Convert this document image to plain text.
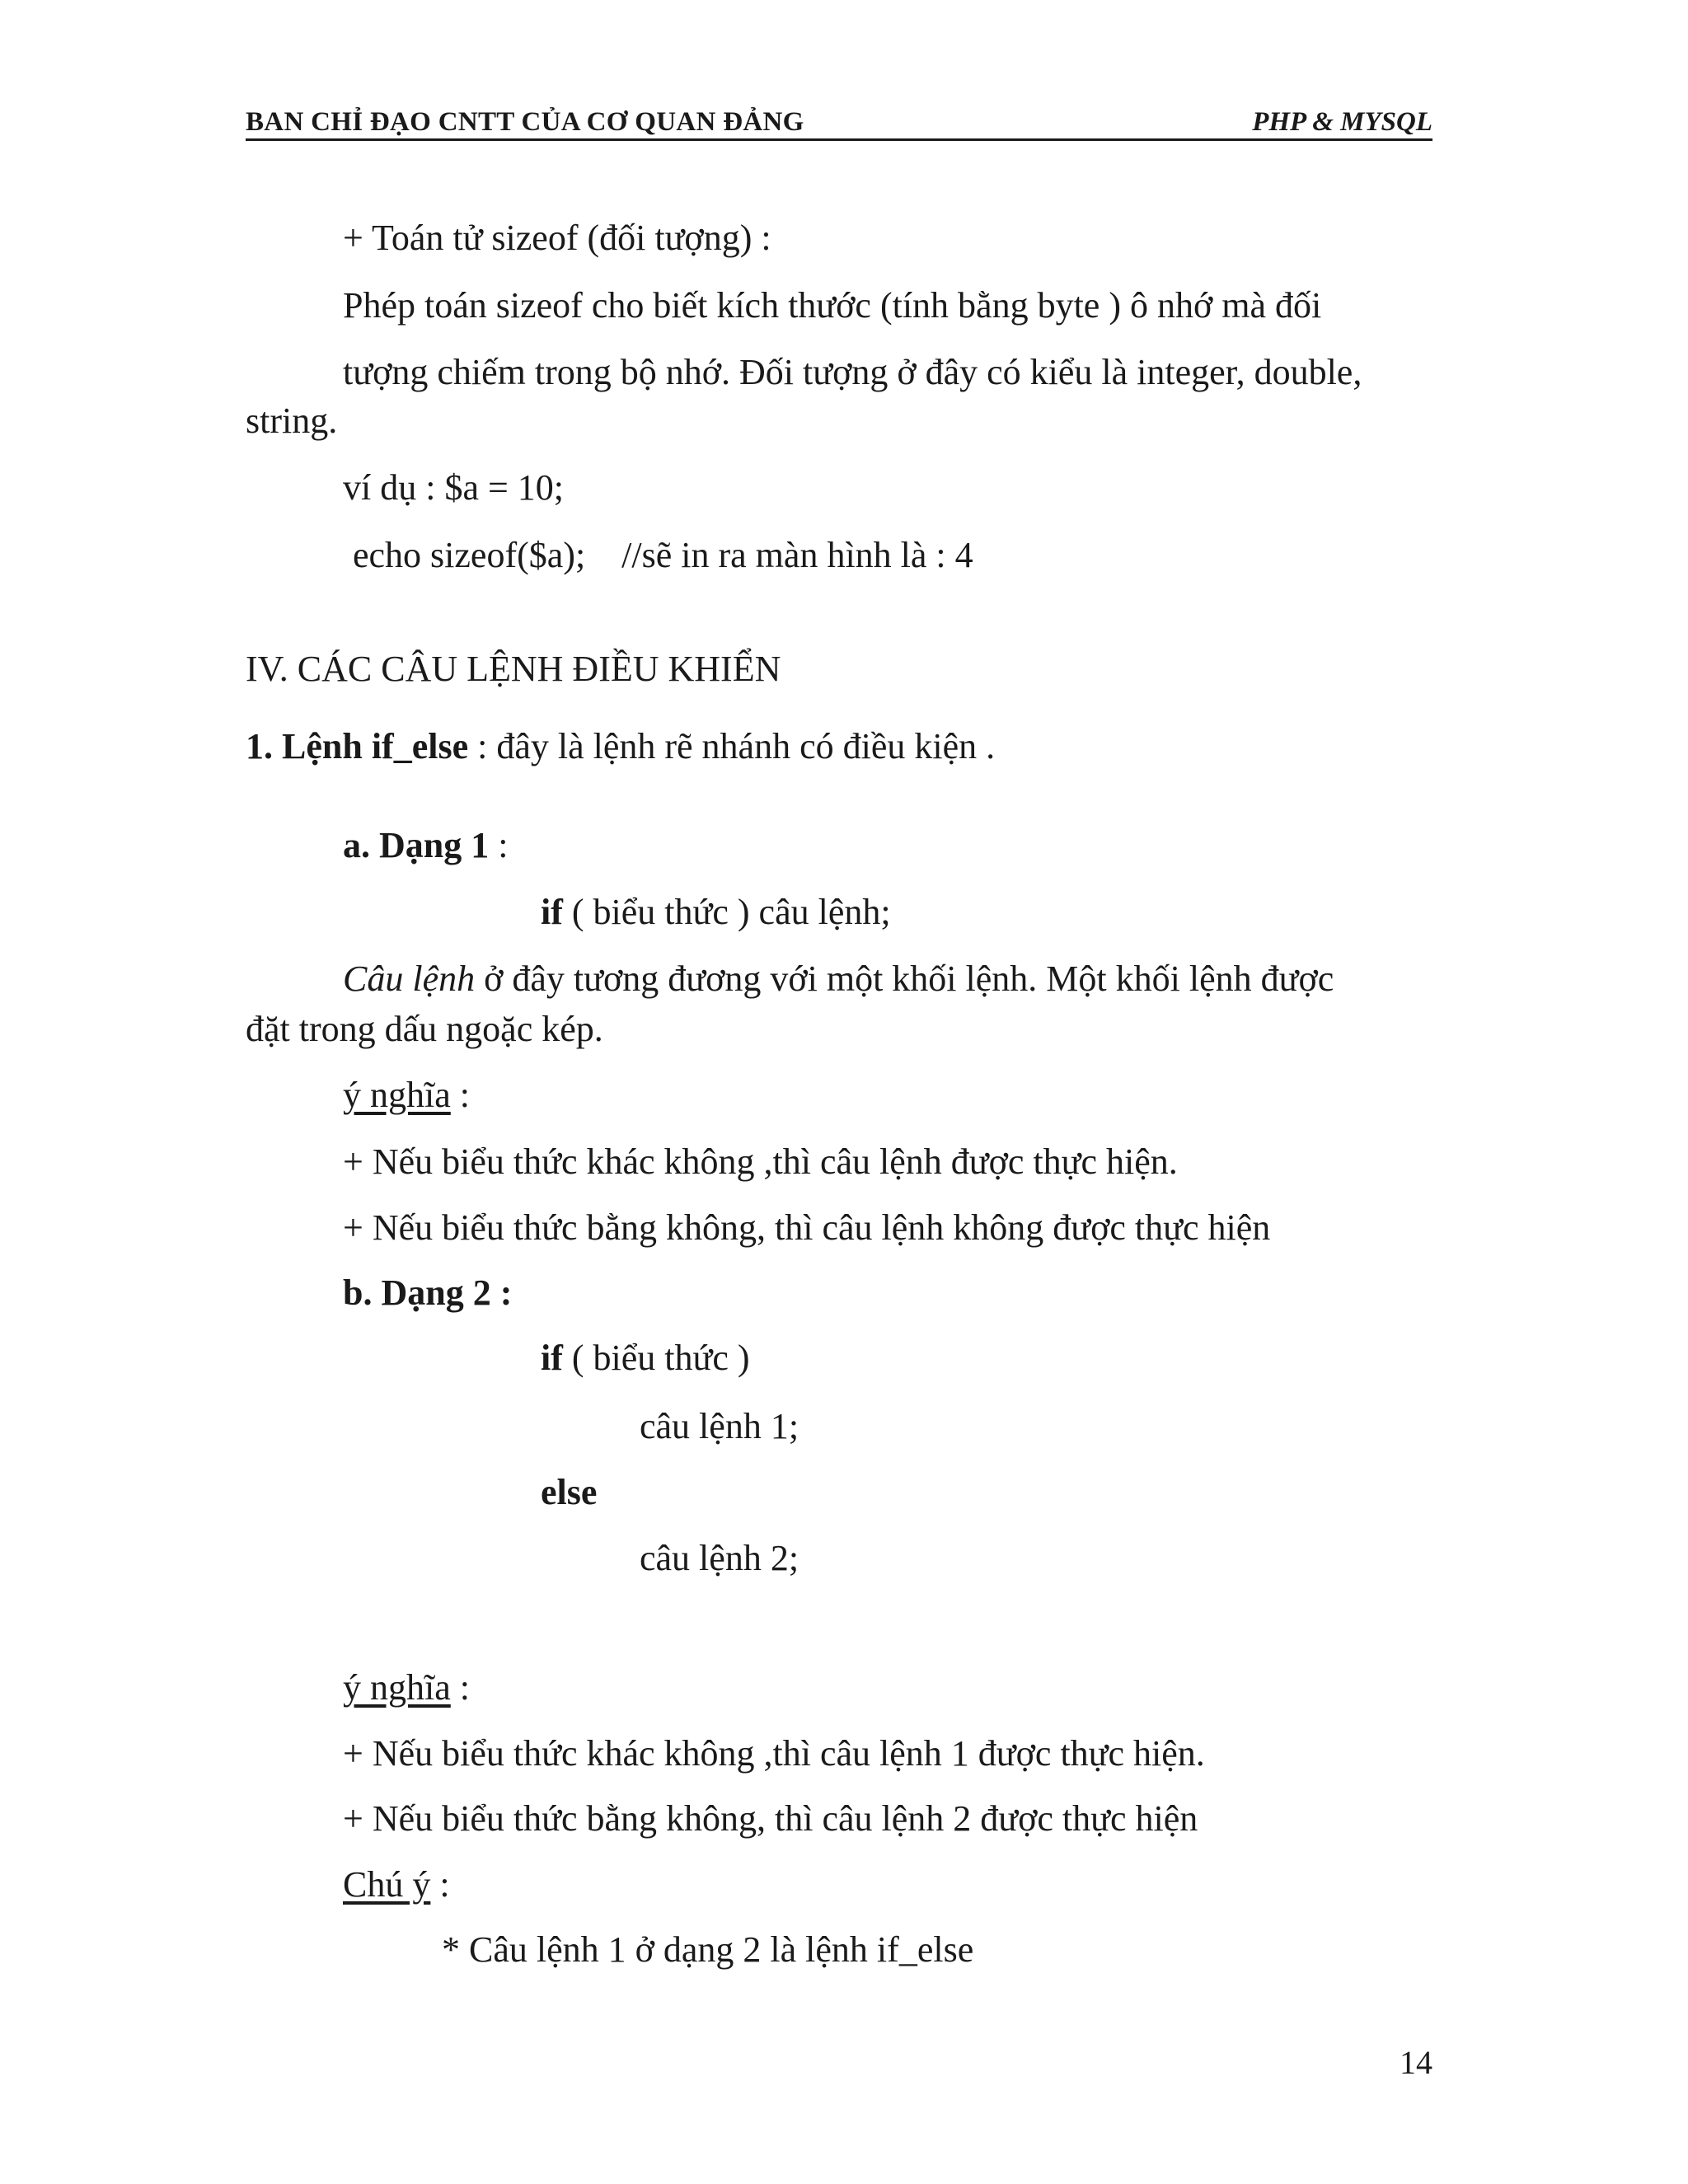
BAN CHỈ ĐẠO CNTT CỦA CƠ QUAN ĐẢNG	PHP & MYSQL
+ Toán tử sizeof (đối tượng) :
Phép toán sizeof cho biết kích thước (tính bằng byte ) ô nhớ mà đối
tượng chiếm trong bộ nhớ. Đối tượng ở đây có kiểu là integer, double,
string.
ví dụ : $a = 10;
echo sizeof($a);    //sẽ in ra màn hình là : 4
IV. CÁC CÂU LỆNH ĐIỀU KHIỂN
1. Lệnh if_else : đây là lệnh rẽ nhánh có điều kiện .
a. Dạng 1 :
if ( biểu thức ) câu lệnh;
Câu lệnh ở đây tương đương với một khối lệnh. Một khối lệnh được
đặt trong dấu ngoặc kép.
ý nghĩa :
+ Nếu biểu thức khác không ,thì câu lệnh được thực hiện.
+ Nếu biểu thức bằng không, thì câu lệnh không được thực hiện
b. Dạng 2 :
if ( biểu thức )
câu lệnh 1;
else
câu lệnh 2;
ý nghĩa :
+ Nếu biểu thức khác không ,thì câu lệnh 1 được thực hiện.
+ Nếu biểu thức bằng không, thì câu lệnh 2 được thực hiện
Chú ý :
* Câu lệnh 1 ở dạng 2 là lệnh if_else
14
